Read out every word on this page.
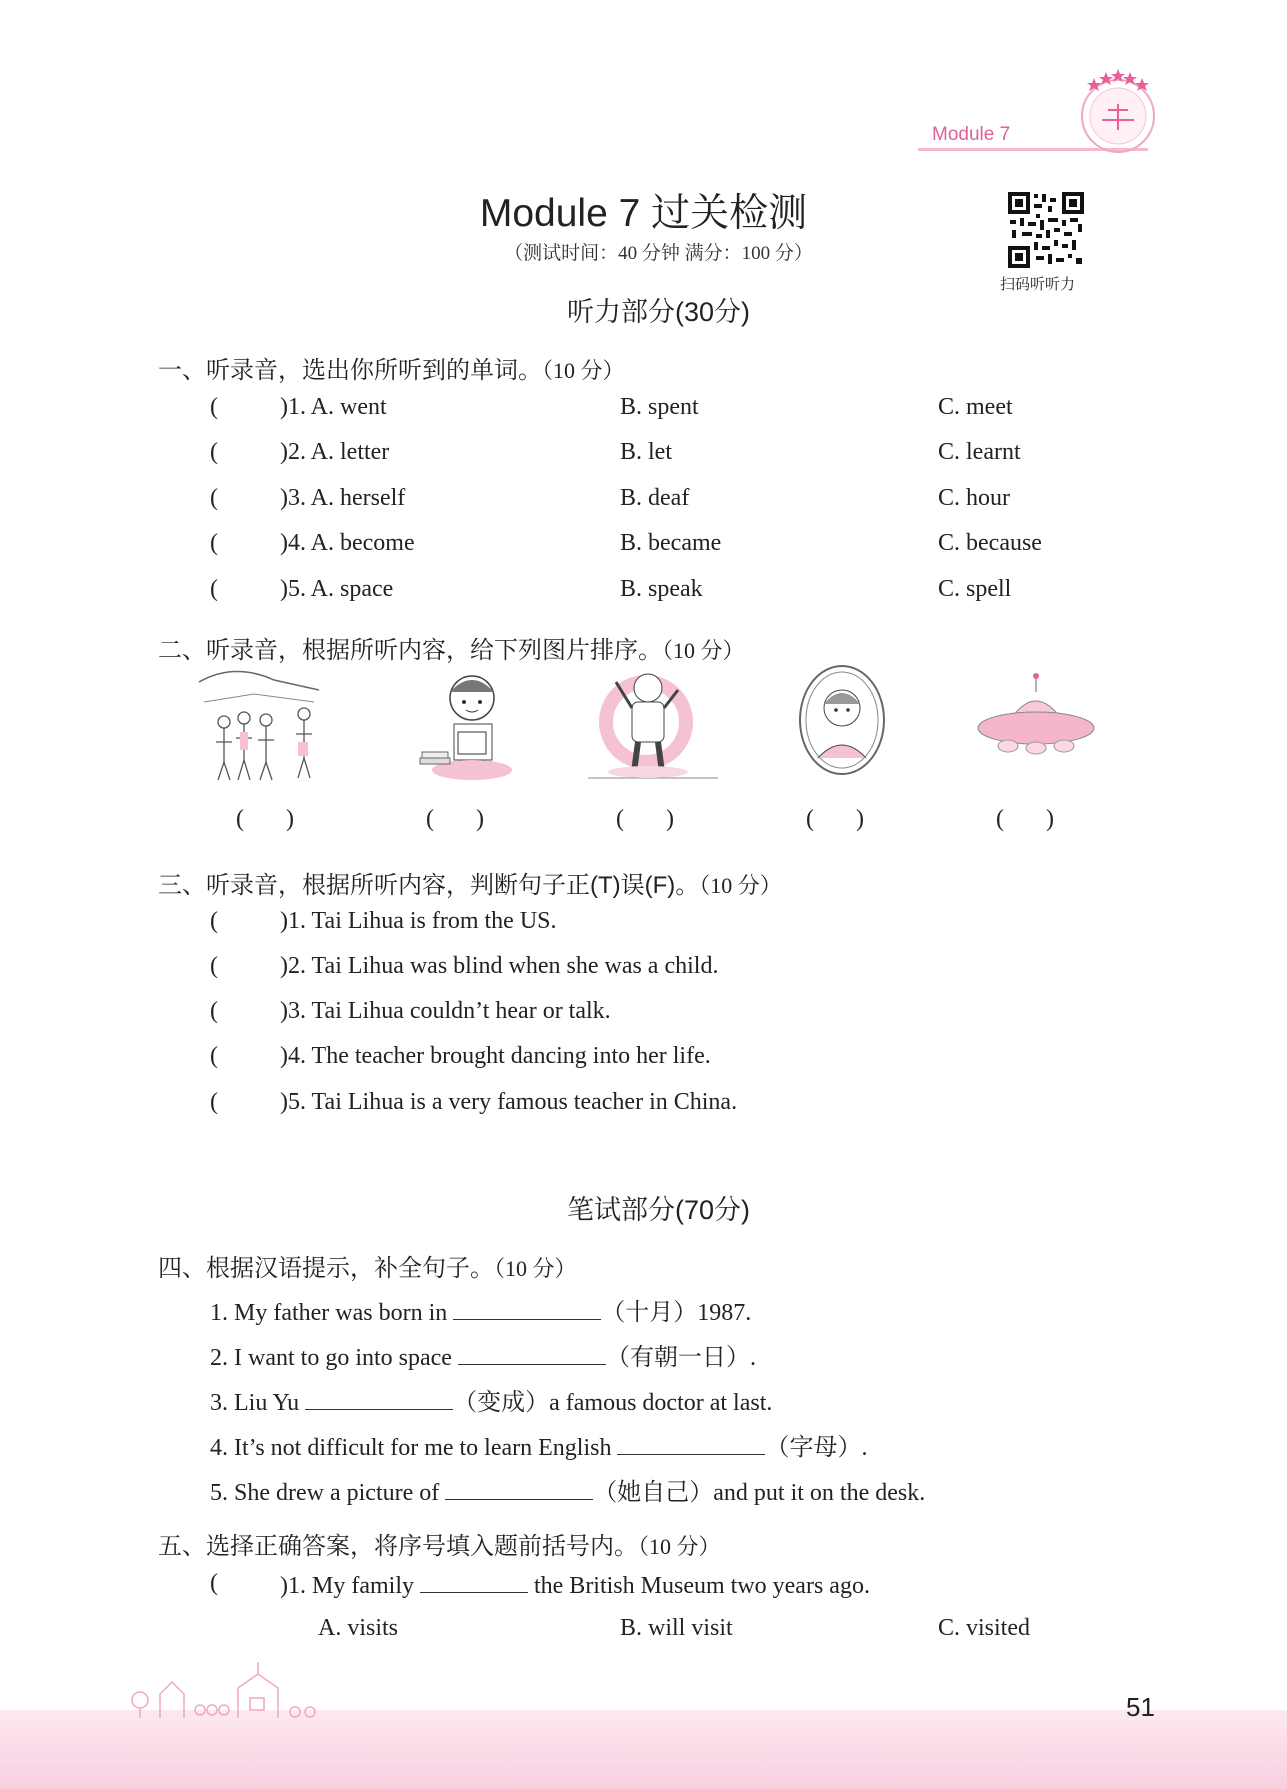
Module 7
Module 7 过关检测
（测试时间：40 分钟 满分：100 分）
扫码听听力
听力部分(30分)
一、听录音，选出你所听到的单词。（10 分）
(	)1. A. went	B. spent	C. meet
(	)2. A. letter	B. let	C. learnt
(	)3. A. herself	B. deaf	C. hour
(	)4. A. become	B. became	C. because
(	)5. A. space	B. speak	C. spell
二、听录音，根据所听内容，给下列图片排序。（10 分）
(       )	(       )	(       )	(       )	(       )
三、听录音，根据所听内容，判断句子正(T)误(F)。（10 分）
(	)1. Tai Lihua is from the US.
(	)2. Tai Lihua was blind when she was a child.
(	)3. Tai Lihua couldn’t hear or talk.
(	)4. The teacher brought dancing into her life.
(	)5. Tai Lihua is a very famous teacher in China.
笔试部分(70分)
四、根据汉语提示，补全句子。（10 分）
1. My father was born in	（十月）1987.
2. I want to go into space	（有朝一日）.
3. Liu Yu	（变成）a famous doctor at last.
4. It’s not difficult for me to learn English	（字母）.
5. She drew a picture of	（她自己）and put it on the desk.
五、选择正确答案，将序号填入题前括号内。（10 分）
(	)1. My family	the British Museum two years ago.
A. visits	B. will visit	C. visited
51
